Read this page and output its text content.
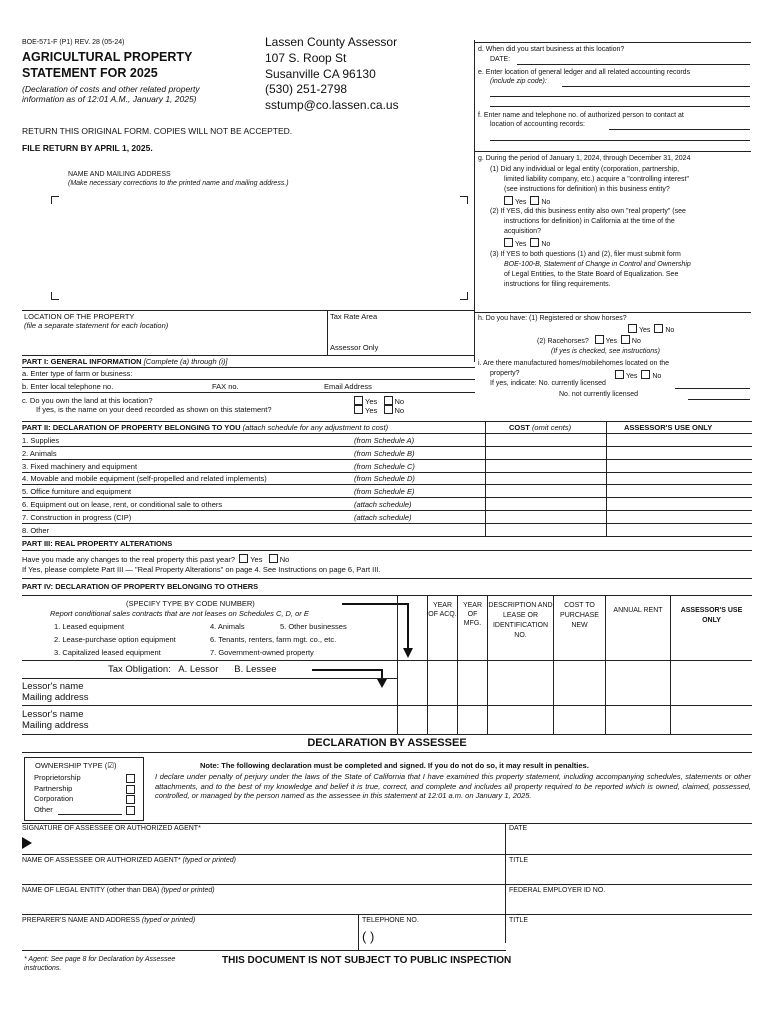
BOE-571-F (P1) REV. 28 (05-24)
AGRICULTURAL PROPERTY
STATEMENT FOR 2025
(Declaration of costs and other related property information as of 12:01 A.M., January 1, 2025)
Lassen County Assessor
107 S. Roop St
Susanville CA 96130
(530) 251-2798
sstump@co.lassen.ca.us
RETURN THIS ORIGINAL FORM. COPIES WILL NOT BE ACCEPTED.
FILE RETURN BY APRIL 1, 2025.
NAME AND MAILING ADDRESS
(Make necessary corrections to the printed name and mailing address.)
d. When did you start business at this location?
DATE:
e. Enter location of general ledger and all related accounting records
(include zip code):
f. Enter name and telephone no. of authorized person to contact at
location of accounting records:
g. During the period of January 1, 2024, through December 31, 2024
(1) Did any individual or legal entity (corporation, partnership,
limited liability company, etc.) acquire a "controlling interest"
(see instructions for definition) in this business entity?
Yes No
(2) If YES, did this business entity also own "real property" (see
instructions for definition) in California at the time of the
acquisition?
Yes No
(3) If YES to both questions (1) and (2), filer must submit form
BOE-100-B, Statement of Change in Control and Ownership
of Legal Entities, to the State Board of Equalization. See
instructions for filing requirements.
h. Do you have: (1) Registered or show horses?
Yes No
(2) Racehorses? Yes No
(If yes is checked, see instructions)
i. Are there manufactured homes/mobilehomes located on the
property?	Yes No
If yes, indicate: No. currently licensed
No. not currently licensed
LOCATION OF THE PROPERTY
(file a separate statement for each location)
Tax Rate Area
Assessor Only
PART I: GENERAL INFORMATION [Complete (a) through (i)]
a. Enter type of farm or business:
b. Enter local telephone no.	FAX no.	Email Address
c. Do you own the land at this location?
If yes, is the name on your deed recorded as shown on this statement?
Yes No
Yes No
PART II: DECLARATION OF PROPERTY BELONGING TO YOU (attach schedule for any adjustment to cost)	COST (omit cents)	ASSESSOR'S USE ONLY
1. Supplies	(from Schedule A)
2. Animals	(from Schedule B)
3. Fixed machinery and equipment	(from Schedule C)
4. Movable and mobile equipment (self-propelled and related implements)	(from Schedule D)
5. Office furniture and equipment	(from Schedule E)
6. Equipment out on lease, rent, or conditional sale to others	(attach schedule)
7. Construction in progress (CIP)	(attach schedule)
8. Other
PART III: REAL PROPERTY ALTERATIONS
Have you made any changes to the real property this past year? Yes No
If Yes, please complete Part III — "Real Property Alterations" on page 4. See Instructions on page 6, Part III.
PART IV: DECLARATION OF PROPERTY BELONGING TO OTHERS
(SPECIFY TYPE BY CODE NUMBER)
Report conditional sales contracts that are not leases on Schedules C, D, or E
1. Leased equipment	4. Animals	5. Other businesses
2. Lease-purchase option equipment	6. Tenants, renters, farm mgt. co., etc.
3. Capitalized leased equipment	7. Government-owned property
YEAR OF ACQ.
YEAR OF MFG.
DESCRIPTION AND LEASE OR IDENTIFICATION NO.
COST TO PURCHASE NEW
ANNUAL RENT	ASSESSOR'S USE ONLY
Tax Obligation: A. Lessor B. Lessee
Lessor's name
Mailing address
Lessor's name
Mailing address
DECLARATION BY ASSESSEE
OWNERSHIP TYPE (☑)
Proprietorship
Partnership
Corporation
Other
Note: The following declaration must be completed and signed. If you do not do so, it may result in penalties.
I declare under penalty of perjury under the laws of the State of California that I have examined this property statement, including accompanying schedules, statements or other attachments, and to the best of my knowledge and belief it is true, correct, and complete and includes all property required to be reported which is owned, claimed, possessed, controlled, or managed by the person named as the assessee in this statement at 12:01 a.m. on January 1, 2025.
SIGNATURE OF ASSESSEE OR AUTHORIZED AGENT*	DATE
NAME OF ASSESSEE OR AUTHORIZED AGENT* (typed or printed)	TITLE
NAME OF LEGAL ENTITY (other than DBA) (typed or printed)	FEDERAL EMPLOYER ID NO.
PREPARER'S NAME AND ADDRESS (typed or printed)	TELEPHONE NO.	TITLE
( )
* Agent: See page 8 for Declaration by Assessee instructions.
THIS DOCUMENT IS NOT SUBJECT TO PUBLIC INSPECTION
